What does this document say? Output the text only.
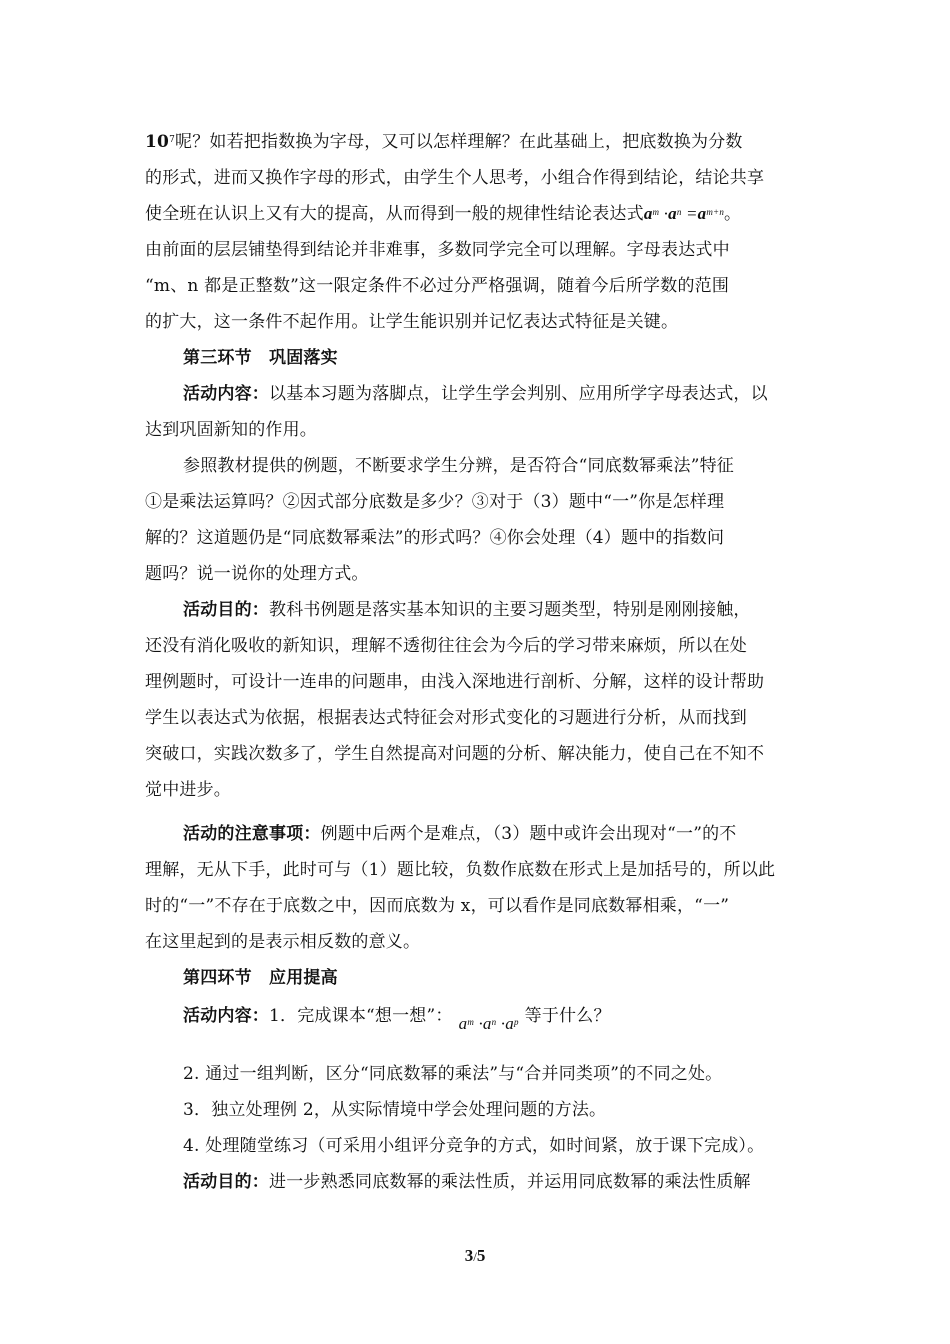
$10^7$呢？如若把指数换为字母，又可以怎样理解？在此基础上，把底数换为分数
的形式，进而又换作字母的形式，由学生个人思考，小组合作得到结论，结论共享
使全班在认识上又有大的提高，从而得到一般的规律性结论表达式$a^m \cdot a^n =a^{m+n}$。
由前面的层层铺垫得到结论并非难事，多数同学完全可以理解。字母表达式中
“m、n 都是正整数”这一限定条件不必过分严格强调，随着今后所学数的范围
的扩大，这一条件不起作用。让学生能识别并记忆表达式特征是关键。
第三环节　巩固落实
活动内容：以基本习题为落脚点，让学生学会判别、应用所学字母表达式，以
达到巩固新知的作用。
参照教材提供的例题，不断要求学生分辨，是否符合“同底数幂乘法”特征
①是乘法运算吗？②因式部分底数是多少？③对于（3）题中“一”你是怎样理
解的？这道题仍是“同底数幂乘法”的形式吗？④你会处理（4）题中的指数问
题吗？说一说你的处理方式。
活动目的：教科书例题是落实基本知识的主要习题类型，特别是刚刚接触，
还没有消化吸收的新知识，理解不透彻往往会为今后的学习带来麻烦，所以在处
理例题时，可设计一连串的问题串，由浅入深地进行剖析、分解，这样的设计帮助
学生以表达式为依据，根据表达式特征会对形式变化的习题进行分析，从而找到
突破口，实践次数多了，学生自然提高对问题的分析、解决能力，使自己在不知不
觉中进步。
活动的注意事项：例题中后两个是难点，（3）题中或许会出现对“一”的不
理解，无从下手，此时可与（1）题比较，负数作底数在形式上是加括号的，所以此
时的“一”不存在于底数之中，因而底数为 x，可以看作是同底数幂相乘，“一”
在这里起到的是表示相反数的意义。
第四环节　应用提高
活动内容：1．完成课本“想一想”： $a^m \cdot a^n \cdot a^p$ 等于什么？
2. 通过一组判断，区分“同底数幂的乘法”与“合并同类项”的不同之处。
3．独立处理例 2，从实际情境中学会处理问题的方法。
4. 处理随堂练习（可采用小组评分竞争的方式，如时间紧，放于课下完成）。
活动目的：进一步熟悉同底数幂的乘法性质，并运用同底数幂的乘法性质解
3/5
